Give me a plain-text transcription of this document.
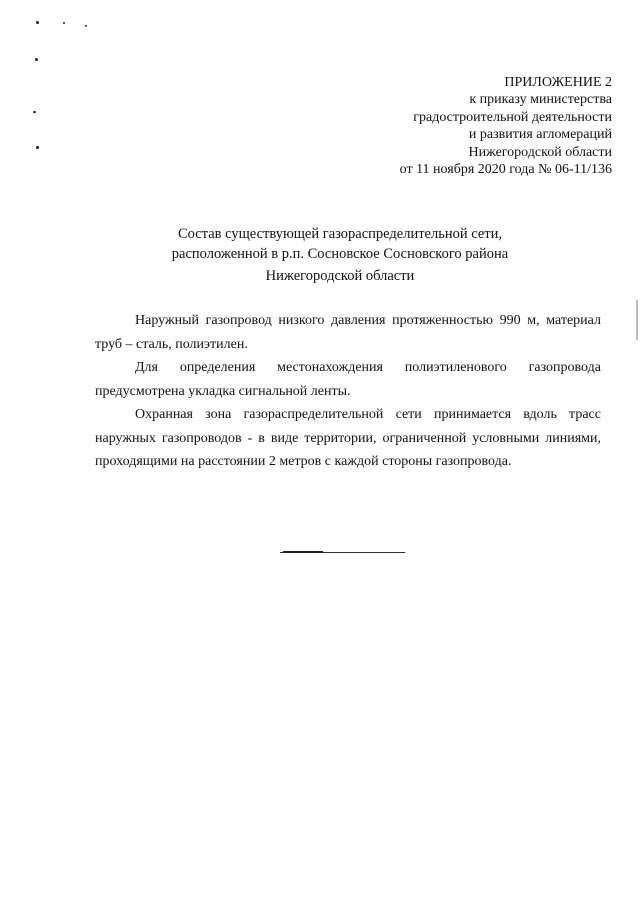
ПРИЛОЖЕНИЕ 2
к приказу министерства
градостроительной деятельности
и развития агломераций
Нижегородской области
от 11 ноября 2020 года № 06-11/136
Состав существующей газораспределительной сети,
расположенной в р.п. Сосновское Сосновского района
Нижегородской области

Наружный газопровод низкого давления протяженностью 990 м, материал труб – сталь, полиэтилен.

Для определения местонахождения полиэтиленового газопровода предусмотрена укладка сигнальной ленты.

Охранная зона газораспределительной сети принимается вдоль трасс наружных газопроводов - в виде территории, ограниченной условными линиями, проходящими на расстоянии 2 метров с каждой стороны газопровода.
